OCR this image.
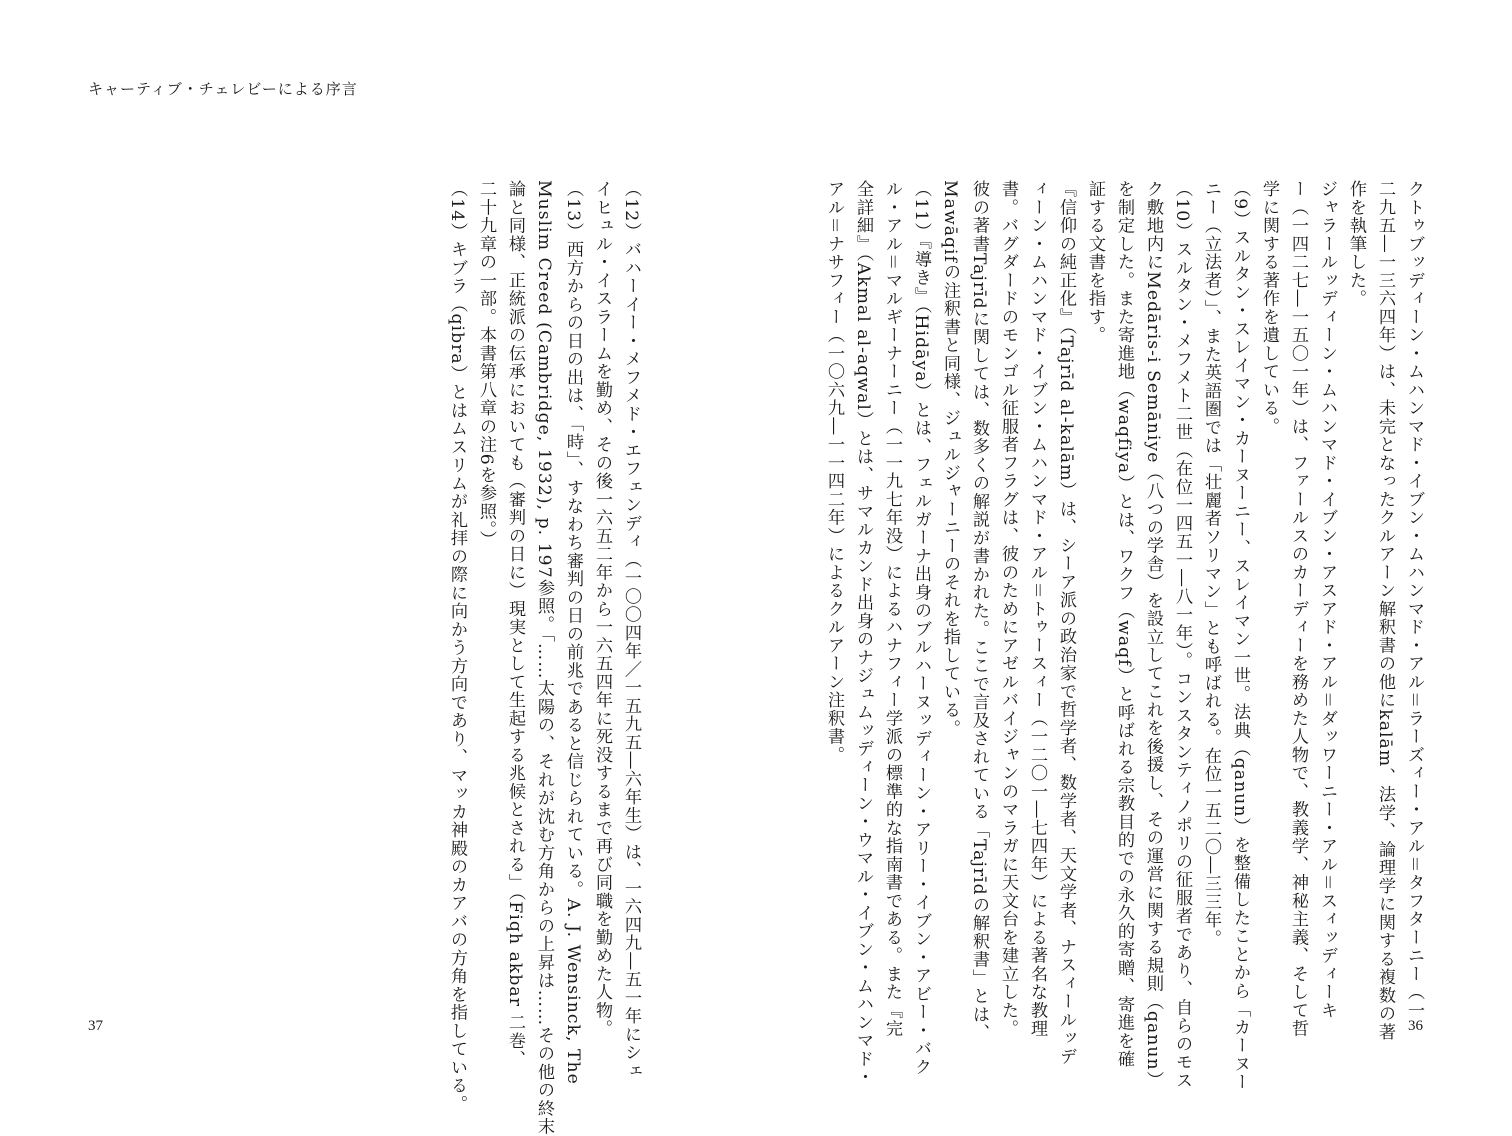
キャーティブ・チェレビーによる序言
クトゥブッディーン・ムハンマド・イブン・ムハンマド・アル＝ラーズィー・アル＝タフターニー（一
二九五―一三六四年）は、未完となったクルアーン解釈書の他にkalām、法学、論理学に関する複数の著
作を執筆した。
ジャラールッディーン・ムハンマド・イブン・アスアド・アル＝ダッワーニー・アル＝スィッディーキ
ー（一四二七―一五〇一年）は、ファールスのカーディーを務めた人物で、教義学、神秘主義、そして哲
学に関する著作を遺している。
（9）スルタン・スレイマン・カーヌーニー、スレイマン一世。法典（qanun）を整備したことから「カーヌー
ニー（立法者）」、また英語圏では「壮麗者ソリマン」とも呼ばれる。在位一五二〇―三三年。
（10）スルタン・メフメト二世（在位一四五一―八一年）。コンスタンティノポリの征服者であり、自らのモス
ク敷地内にMedāris-i Semāniye（八つの学舎）を設立してこれを後援し、その運営に関する規則（qanun）
を制定した。また寄進地（waqfiya）とは、ワクフ（waqf）と呼ばれる宗教目的での永久的寄贈、寄進を確
証する文書を指す。
『信仰の純正化』（Tajrīd al-kalām）は、シーア派の政治家で哲学者、数学者、天文学者、ナスィールッデ
ィーン・ムハンマド・イブン・ムハンマド・アル＝トゥースィー（一二〇一―七四年）による著名な教理
書。バグダードのモンゴル征服者フラグは、彼のためにアゼルバイジャンのマラガに天文台を建立した。
彼の著書Tajrīdに関しては、数多くの解説が書かれた。ここで言及されている「Tajrīdの解釈書」とは、
Mawāqifの注釈書と同様、ジュルジャーニーのそれを指している。
（11）『導き』（Hidāya）とは、フェルガーナ出身のブルハーヌッディーン・アリー・イブン・アビー・バク
ル・アル＝マルギーナーニー（一一九七年没）によるハナフィー学派の標準的な指南書である。また『完
全詳細』（Akmal al-aqwal）とは、サマルカンド出身のナジュムッディーン・ウマル・イブン・ムハンマド・
アル＝ナサフィー（一〇六九―一一四二年）によるクルアーン注釈書。
（12）バハーイー・メフメド・エフェンディ（一〇〇四年／一五九五―六年生）は、一六四九―五一年にシェ
イヒュル・イスラームを勤め、その後一六五二年から一六五四年に死没するまで再び同職を勤めた人物。
（13）西方からの日の出は、「時」、すなわち審判の日の前兆であると信じられている。A. J. Wensinck, The
Muslim Creed (Cambridge, 1932), p. 197参照。「……太陽の、それが沈む方角からの上昇は……その他の終末
論と同様、正統派の伝承においても（審判の日に）現実として生起する兆候とされる」（Fiqh akbar 二巻、
二十九章の一部。本書第八章の注6を参照。）
（14）キブラ（qibra）とはムスリムが礼拝の際に向かう方向であり、マッカ神殿のカアバの方角を指している。
37	36
